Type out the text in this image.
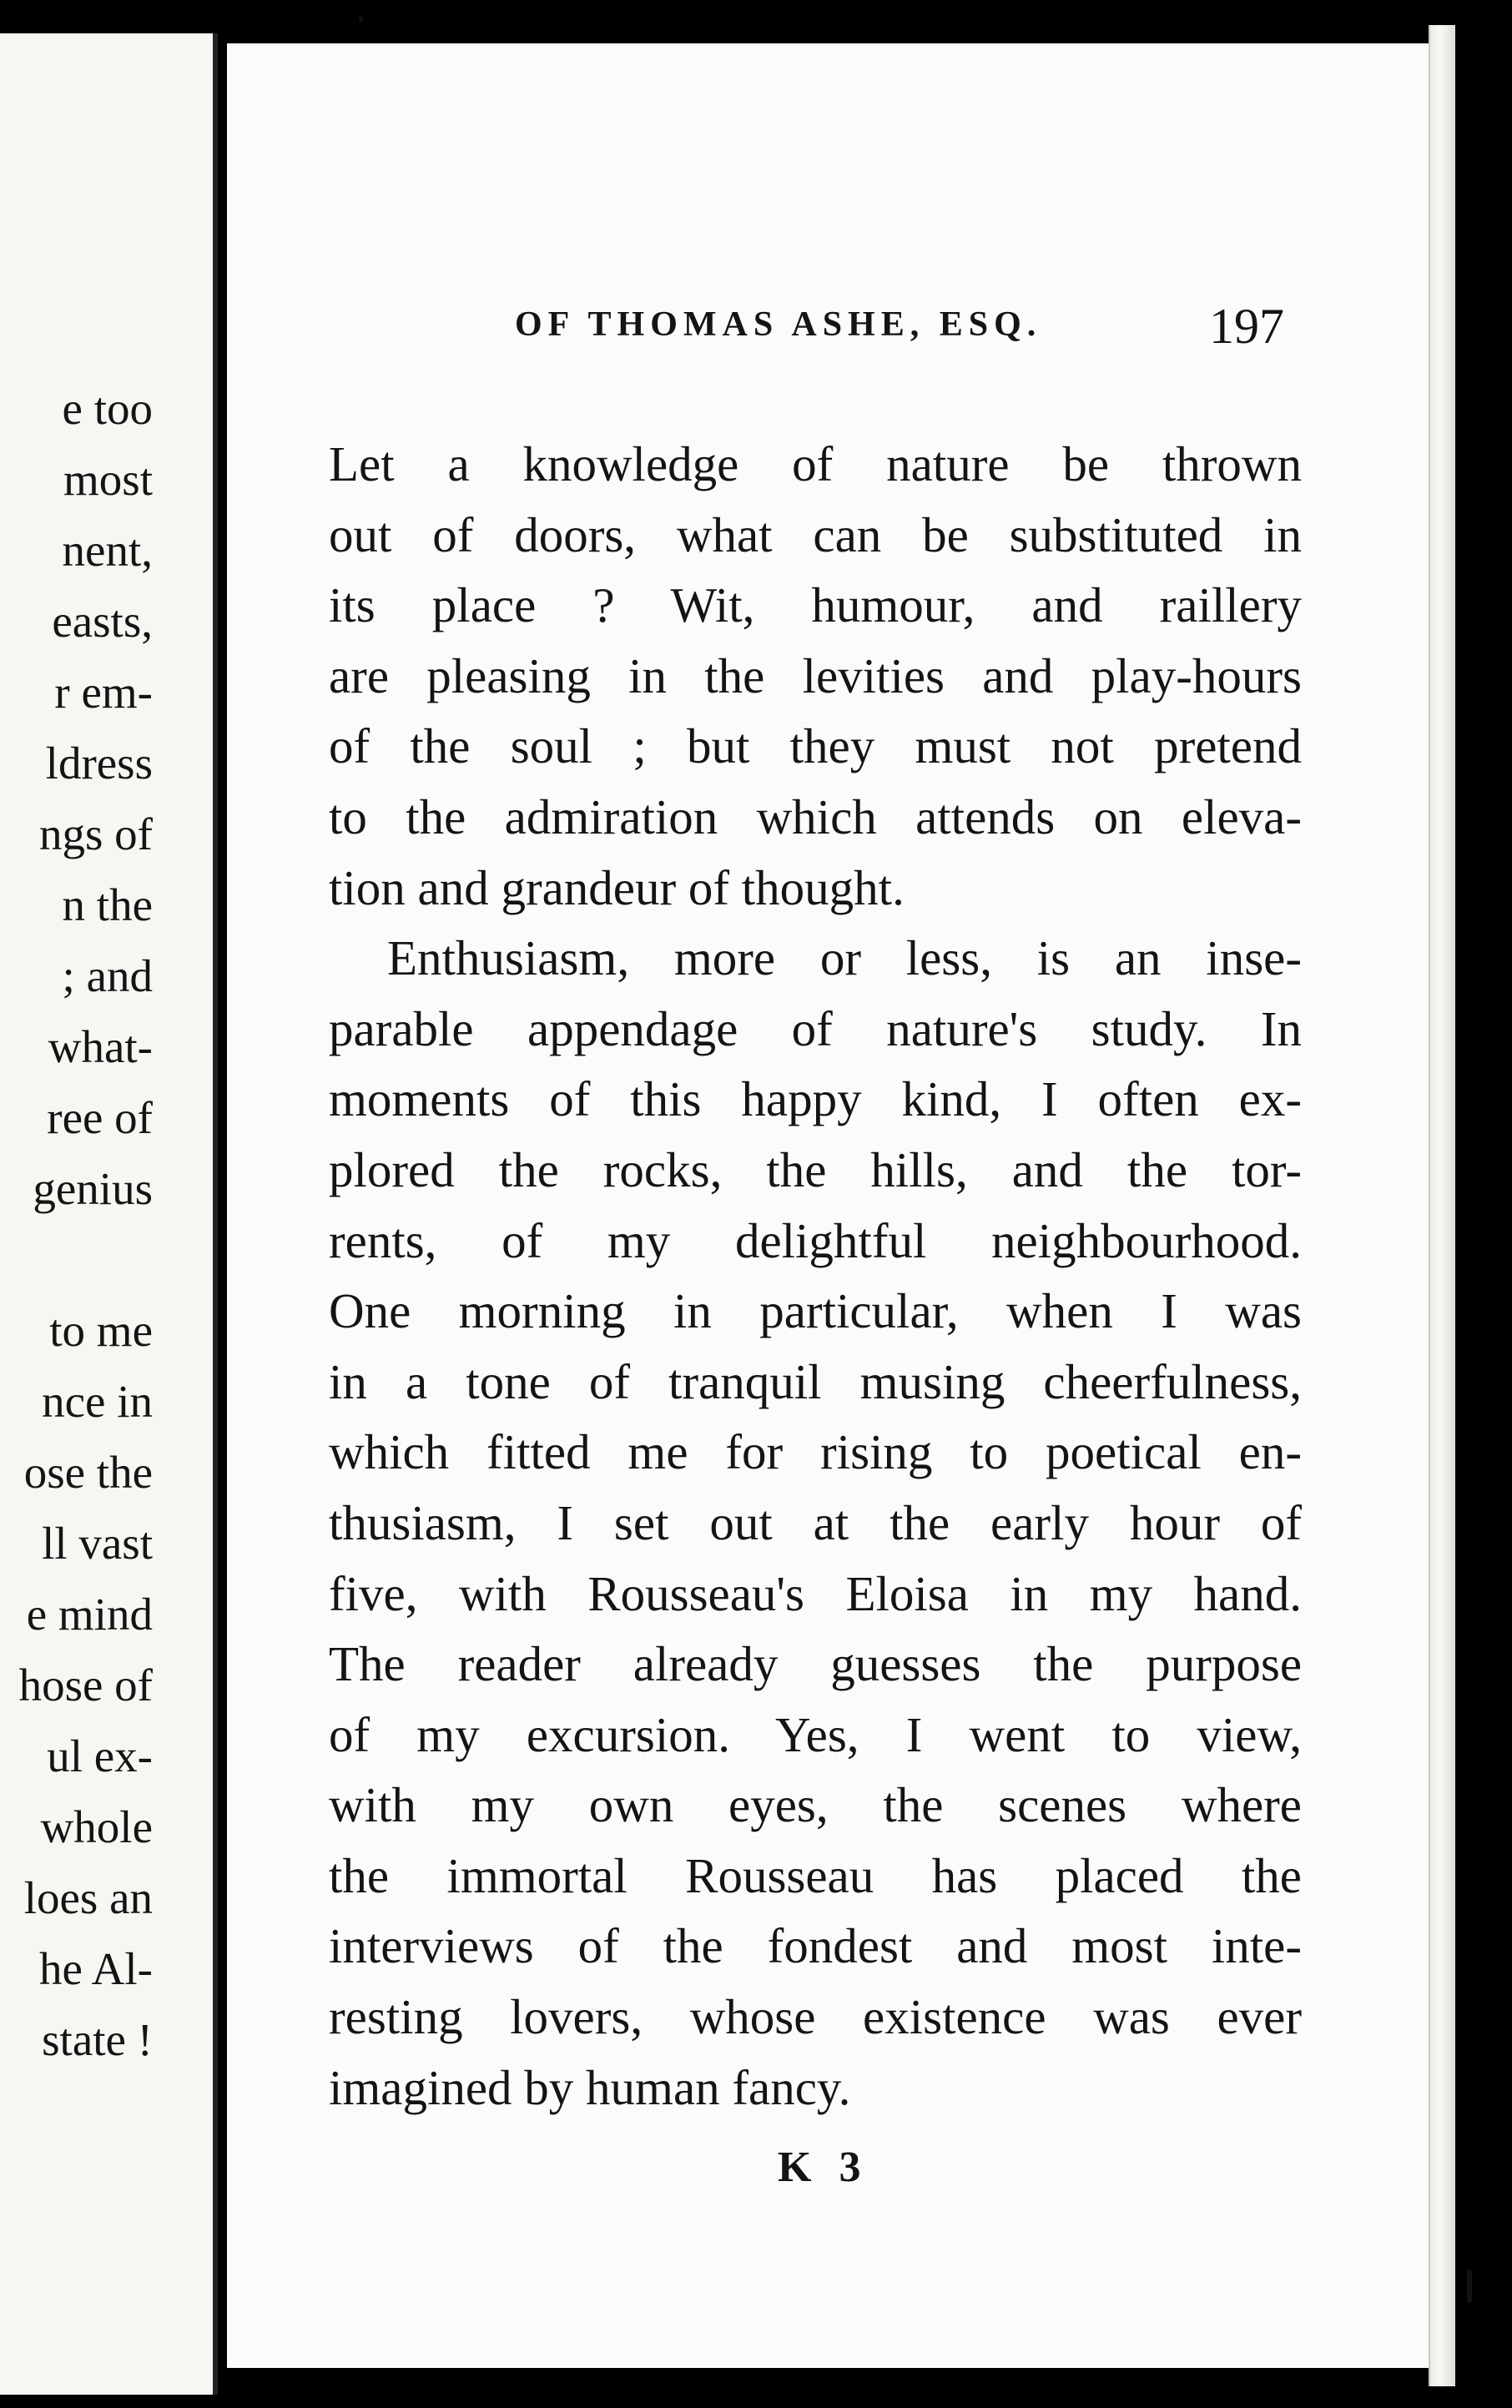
e too
most
nent,
easts,
r em-
ldress
ngs of
n the
; and
what-
ree of
genius
to me
nce in
ose the
ll vast
e mind
hose of
ul ex-
whole
loes an
he Al-
state !
OF THOMAS ASHE, ESQ.	197
Let a knowledge of nature be thrown
out of doors, what can be substituted in
its place ? Wit, humour, and raillery
are pleasing in the levities and play-hours
of the soul ; but they must not pretend
to the admiration which attends on eleva-
tion and grandeur of thought.
Enthusiasm, more or less, is an inse-
parable appendage of nature's study. In
moments of this happy kind, I often ex-
plored the rocks, the hills, and the tor-
rents, of my delightful neighbourhood.
One morning in particular, when I was
in a tone of tranquil musing cheerfulness,
which fitted me for rising to poetical en-
thusiasm, I set out at the early hour of
five, with Rousseau's Eloisa in my hand.
The reader already guesses the purpose
of my excursion. Yes, I went to view,
with my own eyes, the scenes where
the immortal Rousseau has placed the
interviews of the fondest and most inte-
resting lovers, whose existence was ever
imagined by human fancy.
K 3
